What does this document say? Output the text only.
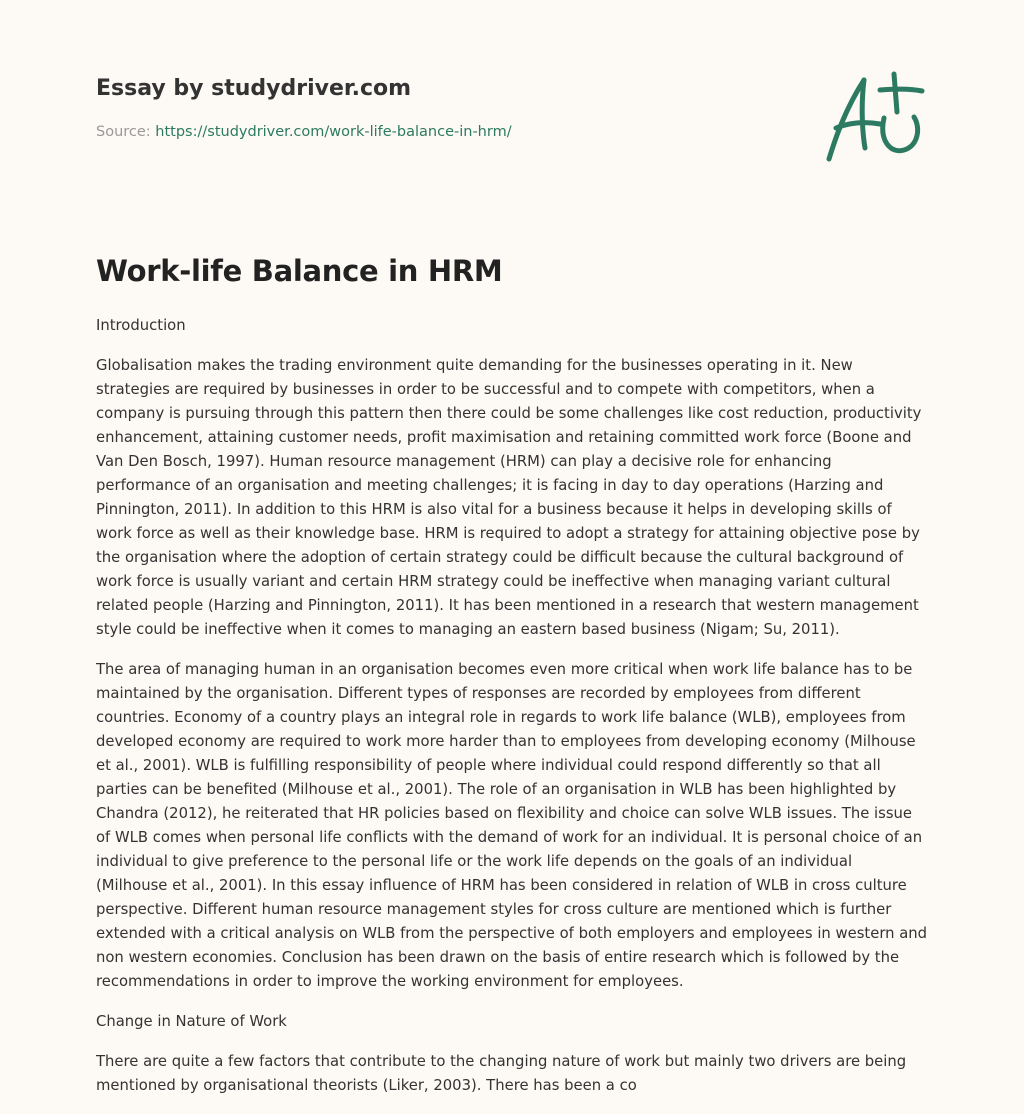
Essay by studydriver.com
Source: https://studydriver.com/work-life-balance-in-hrm/
Work-life Balance in HRM

Introduction

Globalisation makes the trading environment quite demanding for the businesses operating in it. New strategies are required by businesses in order to be successful and to compete with competitors, when a company is pursuing through this pattern then there could be some challenges like cost reduction, productivity enhancement, attaining customer needs, profit maximisation and retaining committed work force (Boone and Van Den Bosch, 1997). Human resource management (HRM) can play a decisive role for enhancing performance of an organisation and meeting challenges; it is facing in day to day operations (Harzing and Pinnington, 2011). In addition to this HRM is also vital for a business because it helps in developing skills of work force as well as their knowledge base. HRM is required to adopt a strategy for attaining objective pose by the organisation where the adoption of certain strategy could be difficult because the cultural background of work force is usually variant and certain HRM strategy could be ineffective when managing variant cultural related people (Harzing and Pinnington, 2011). It has been mentioned in a research that western management style could be ineffective when it comes to managing an eastern based business (Nigam; Su, 2011).

The area of managing human in an organisation becomes even more critical when work life balance has to be maintained by the organisation. Different types of responses are recorded by employees from different countries. Economy of a country plays an integral role in regards to work life balance (WLB), employees from developed economy are required to work more harder than to employees from developing economy (Milhouse et al., 2001). WLB is fulfilling responsibility of people where individual could respond differently so that all parties can be benefited (Milhouse et al., 2001). The role of an organisation in WLB has been highlighted by Chandra (2012), he reiterated that HR policies based on flexibility and choice can solve WLB issues. The issue of WLB comes when personal life conflicts with the demand of work for an individual. It is personal choice of an individual to give preference to the personal life or the work life depends on the goals of an individual (Milhouse et al., 2001). In this essay influence of HRM has been considered in relation of WLB in cross culture perspective. Different human resource management styles for cross culture are mentioned which is further extended with a critical analysis on WLB from the perspective of both employers and employees in western and non western economies. Conclusion has been drawn on the basis of entire research which is followed by the recommendations in order to improve the working environment for employees.

Change in Nature of Work

There are quite a few factors that contribute to the changing nature of work but mainly two drivers are being mentioned by organisational theorists (Liker, 2003). There has been a co
